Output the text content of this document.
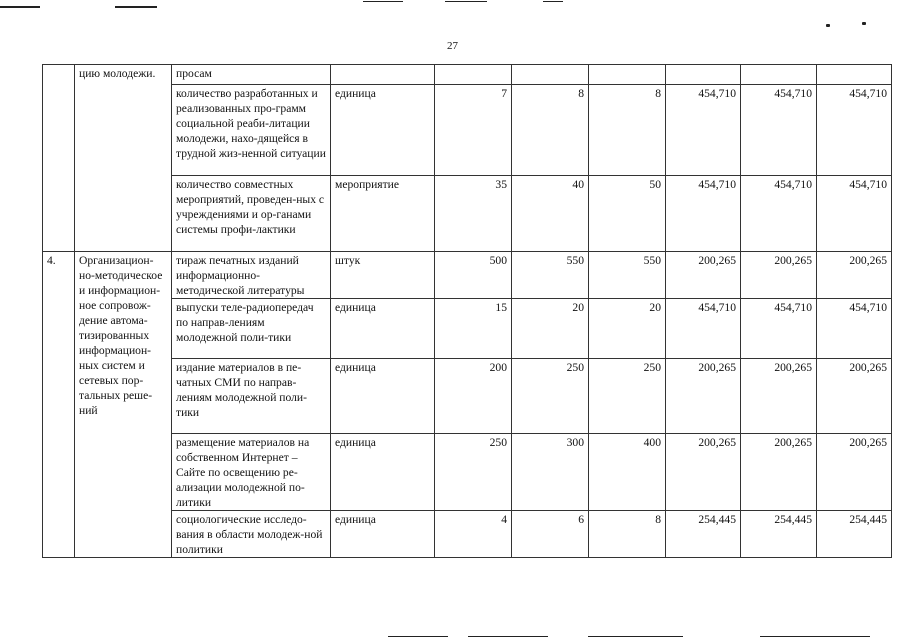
27
	цию молодежи.	просам							
		количество разработанных и реализованных про-грамм социальной реаби-литации молодежи, нахо-дящейся в трудной жиз-ненной ситуации	единица	7	8	8	454,710	454,710	454,710
		количество совместных мероприятий, проведен-ных с учреждениями и ор-ганами системы профи-лактики	мероприятие	35	40	50	454,710	454,710	454,710
4.	Организацион-но-методическое и информацион-ное сопровож-дение автома-тизированных информацион-ных систем и сетевых пор-тальных реше-ний	тираж печатных изданий информационно-методической литературы	штук	500	550	550	200,265	200,265	200,265
		выпуски теле-радиопередач по направ-лениям молодежной поли-тики	единица	15	20	20	454,710	454,710	454,710
		издание материалов в пе-чатных СМИ по направ-лениям молодежной поли-тики	единица	200	250	250	200,265	200,265	200,265
		размещение материалов на собственном Интернет – Сайте по освещению ре-ализации молодежной по-литики	единица	250	300	400	200,265	200,265	200,265
		социологические исследо-вания в области молодеж-ной политики	единица	4	6	8	254,445	254,445	254,445
